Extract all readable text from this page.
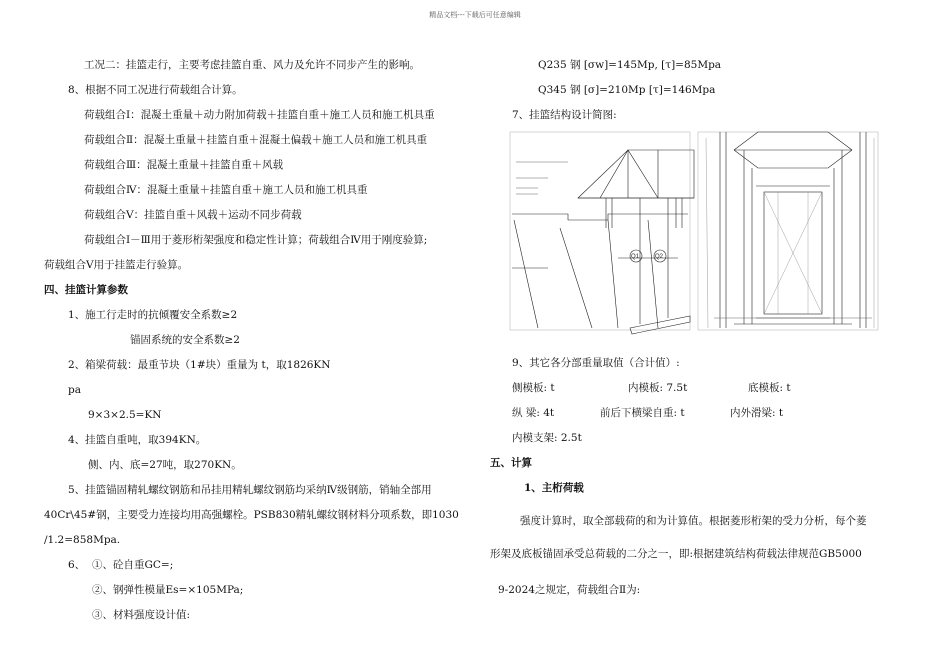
精品文档---下载后可任意编辑
工况二：挂篮走行，主要考虑挂篮自重、风力及允许不同步产生的影响。
8、根据不同工况进行荷载组合计算。
荷载组合Ⅰ：混凝土重量＋动力附加荷载＋挂篮自重＋施工人员和施工机具重
荷载组合Ⅱ：混凝土重量＋挂篮自重＋混凝土偏载＋施工人员和施工机具重
荷载组合Ⅲ：混凝土重量＋挂篮自重＋风载
荷载组合Ⅳ：混凝土重量＋挂篮自重＋施工人员和施工机具重
荷载组合Ⅴ：挂篮自重＋风载＋运动不同步荷载
荷载组合Ⅰ－Ⅲ用于菱形桁架强度和稳定性计算；荷载组合Ⅳ用于刚度验算;
荷载组合Ⅴ用于挂篮走行验算。
四、挂篮计算参数
1、施工行走时的抗倾覆安全系数≥2
锚固系统的安全系数≥2
2、箱梁荷载：最重节块（1#块）重量为 t，取1826KN
pa
9×3×2.5=KN
4、挂篮自重吨，取394KN。
侧、内、底=27吨，取270KN。
5、挂篮锚固精轧螺纹钢筋和吊挂用精轧螺纹钢筋均采纳Ⅳ级钢筋，销轴全部用
40Cr\45#钢，主要受力连接均用高强螺栓。PSB830精轧螺纹钢材料分项系数，即1030
/1.2=858Mpa.
6、 ①、砼自重GC=;
②、钢弹性模量Es=×105MPa;
③、材料强度设计值:
Q235 钢 [σw]=145Mp, [τ]=85Mpa
Q345 钢 [σ]=210Mp [τ]=146Mpa
7、挂篮结构设计简图:
Q1	Q2
9、其它各分部重量取值（合计值）:
侧模板: t	内模板: 7.5t	底模板: t
纵 梁: 4t	前后下横梁自重: t	内外滑梁: t
内模支架: 2.5t
五、计算
1、主桁荷载
强度计算时，取全部载荷的和为计算值。根据菱形桁架的受力分析，每个菱
形架及底板锚固承受总荷载的二分之一，即:根据建筑结构荷载法律规范GB5000
9-2024之规定，荷载组合Ⅱ为:
